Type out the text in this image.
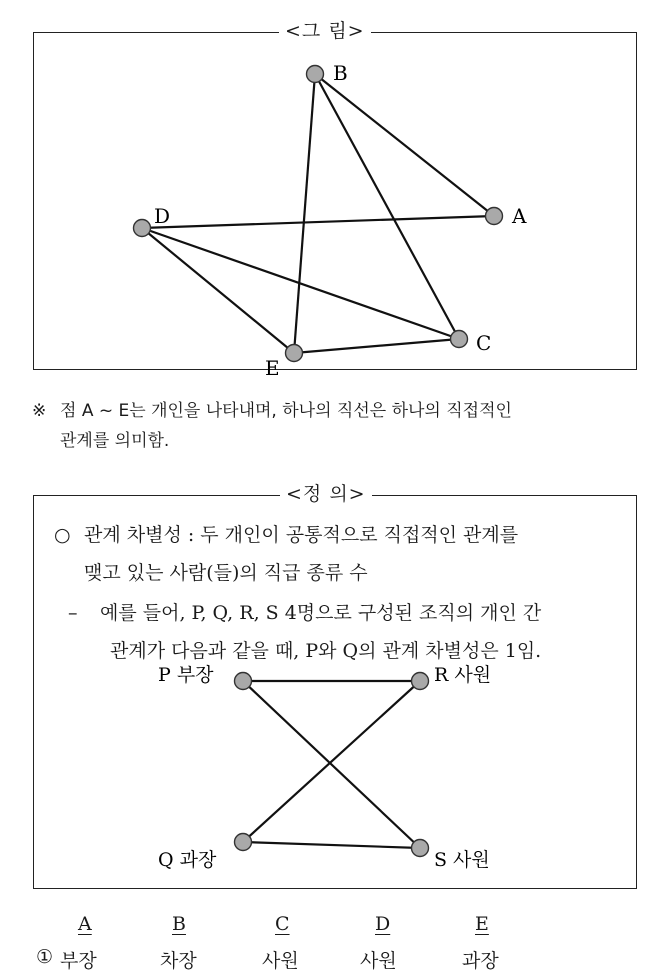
<그 림>
A
B
C
D
E
P 부장	R 사원
Q 과장	S 사원
※ 점 A ~ E는 개인을 나타내며, 하나의 직선은 하나의 직접적인
관계를 의미함.
<정 의>
○ 관계 차별성 : 두 개인이 공통적으로 직접적인 관계를
맺고 있는 사람(들)의 직급 종류 수
– 예를 들어, P, Q, R, S 4명으로 구성된 조직의 개인 간
관계가 다음과 같을 때, P와 Q의 관계 차별성은 1임.
A	B	C	D	E
① 부장	차장	사원	사원	과장
